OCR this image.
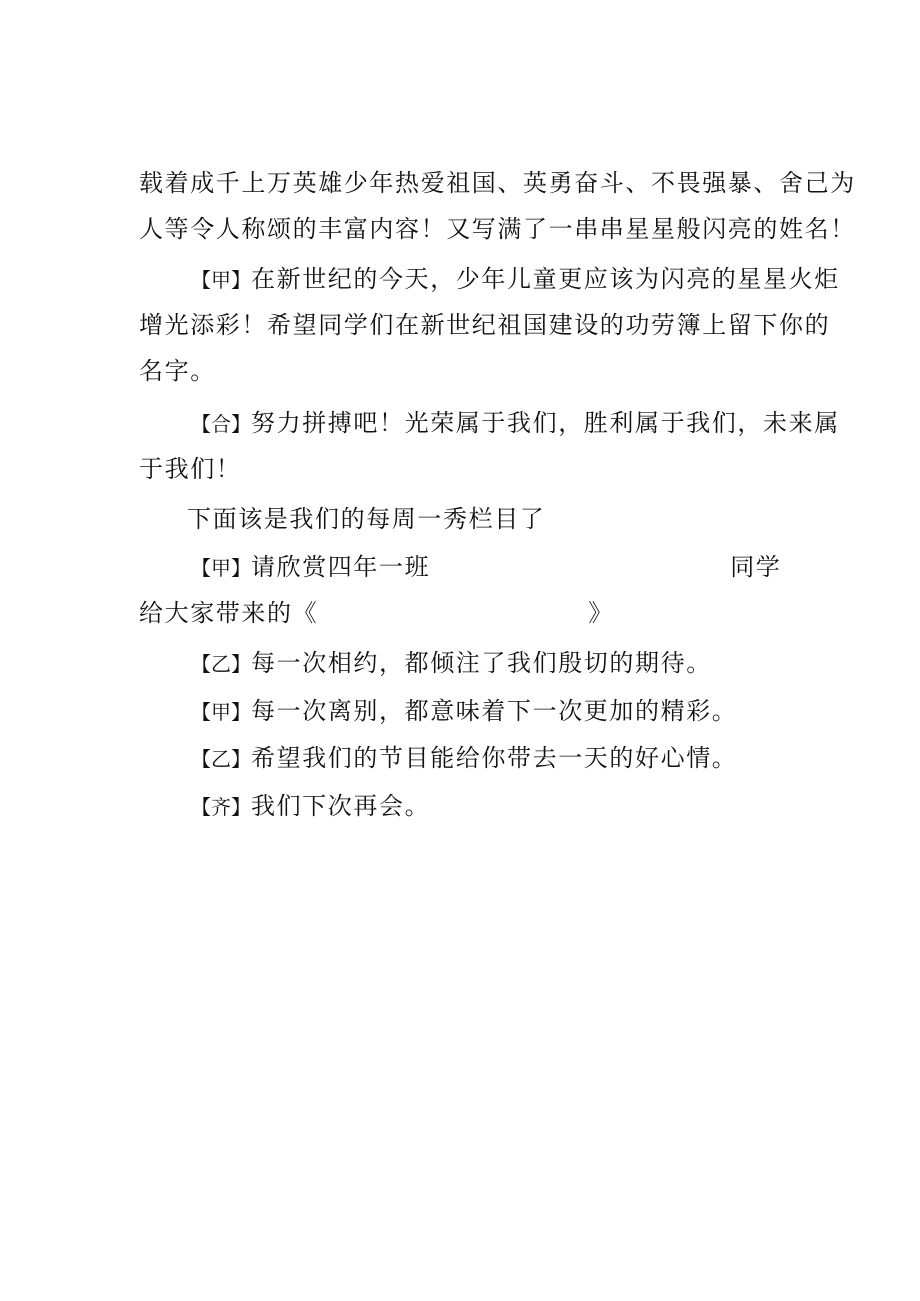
载着成千上万英雄少年热爱祖国、英勇奋斗、不畏强暴、舍己为
人等令人称颂的丰富内容！又写满了一串串星星般闪亮的姓名！
【甲】在新世纪的今天，少年儿童更应该为闪亮的星星火炬
增光添彩！希望同学们在新世纪祖国建设的功劳簿上留下你的
名字。
【合】努力拼搏吧！光荣属于我们，胜利属于我们，未来属
于我们！
下面该是我们的每周一秀栏目了
【甲】请欣赏四年一班	同学
给大家带来的《	》
【乙】每一次相约，都倾注了我们殷切的期待。
【甲】每一次离别，都意味着下一次更加的精彩。
【乙】希望我们的节目能给你带去一天的好心情。
【齐】我们下次再会。
